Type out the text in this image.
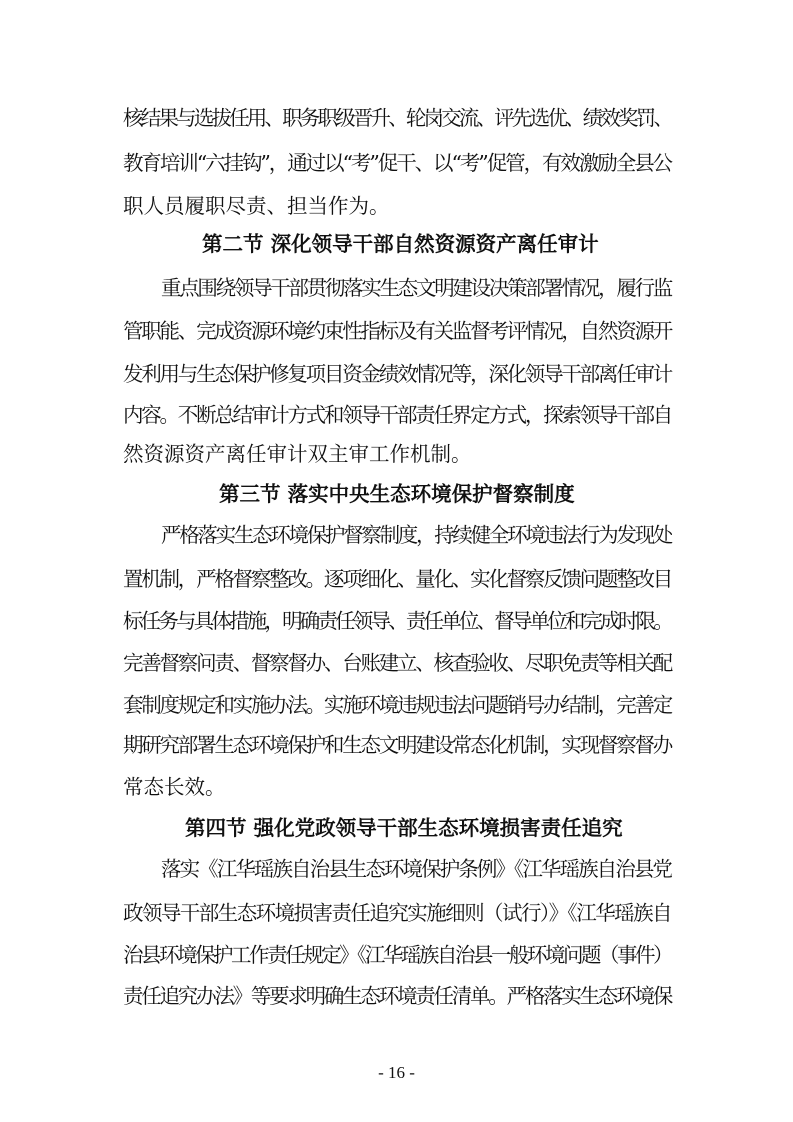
核结果与选拔任用、职务职级晋升、轮岗交流、评先选优、绩效奖罚、
教育培训“六挂钩”，通过以“考”促干、以“考”促管，有效激励全县公
职人员履职尽责、担当作为。
第二节 深化领导干部自然资源资产离任审计
重点围绕领导干部贯彻落实生态文明建设决策部署情况，履行监
管职能、完成资源环境约束性指标及有关监督考评情况，自然资源开
发利用与生态保护修复项目资金绩效情况等，深化领导干部离任审计
内容。不断总结审计方式和领导干部责任界定方式，探索领导干部自
然资源资产离任审计双主审工作机制。
第三节 落实中央生态环境保护督察制度
严格落实生态环境保护督察制度，持续健全环境违法行为发现处
置机制，严格督察整改。逐项细化、量化、实化督察反馈问题整改目
标任务与具体措施，明确责任领导、责任单位、督导单位和完成时限。
完善督察问责、督察督办、台账建立、核查验收、尽职免责等相关配
套制度规定和实施办法。实施环境违规违法问题销号办结制，完善定
期研究部署生态环境保护和生态文明建设常态化机制，实现督察督办
常态长效。
第四节 强化党政领导干部生态环境损害责任追究
落实《江华瑶族自治县生态环境保护条例》《江华瑶族自治县党
政领导干部生态环境损害责任追究实施细则（试行）》《江华瑶族自
治县环境保护工作责任规定》《江华瑶族自治县一般环境问题（事件）
责任追究办法》等要求明确生态环境责任清单。严格落实生态环境保
- 16 -
